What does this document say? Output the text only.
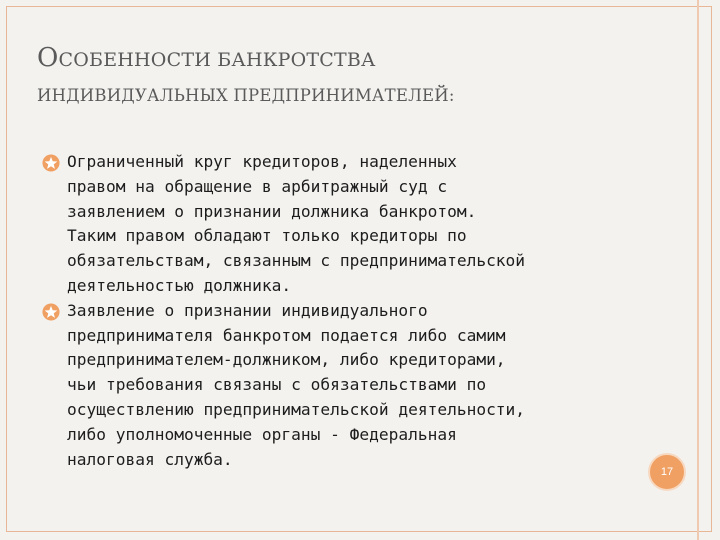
ОСОБЕННОСТИ БАНКРОТСТВА
ИНДИВИДУАЛЬНЫХ ПРЕДПРИНИМАТЕЛЕЙ:
Ограниченный круг кредиторов, наделенных
правом на обращение в арбитражный суд с
заявлением о признании должника банкротом.
Таким правом обладают только кредиторы по
обязательствам, связанным с предпринимательской
деятельностью должника.
Заявление о признании индивидуального
предпринимателя банкротом подается либо самим
предпринимателем-должником, либо кредиторами,
чьи требования связаны с обязательствами по
осуществлению предпринимательской деятельности,
либо уполномоченные органы - Федеральная
налоговая служба.
17
